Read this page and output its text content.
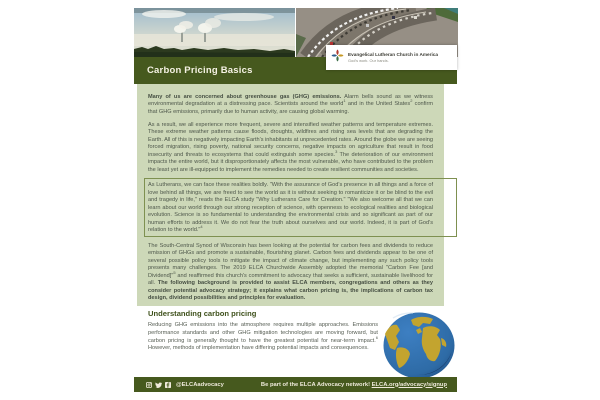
Carbon Pricing Basics
Evangelical Lutheran Church in America
God's work. Our hands.

Many of us are concerned about greenhouse gas (GHG) emissions. Alarm bells sound as we witness environmental degradation at a distressing pace. Scientists around the world$^1$ and in the United States$^2$ confirm that GHG emissions, primarily due to human activity, are causing global warming.

As a result, we all experience more frequent, severe and intensified weather patterns and temperature extremes. These extreme weather patterns cause floods, droughts, wildfires and rising sea levels that are degrading the Earth. All of this is negatively impacting Earth's inhabitants at unprecedented rates. Around the globe we are seeing forced migration, rising poverty, national security concerns, negative impacts on agriculture that result in food insecurity and threats to ecosystems that could extinguish some species.$^3$ The deterioration of our environment impacts the entire world, but it disproportionately affects the most vulnerable, who have contributed to the problem the least yet are ill-equipped to implement the remedies needed to create resilient communities and societies.

As Lutherans, we can face these realities boldly. "With the assurance of God's presence in all things and a force of love behind all things, we are freed to see the world as it is without seeking to romanticize it or be blind to the evil and tragedy in life," reads the ELCA study "Why Lutherans Care for Creation." "We also welcome all that we can learn about our world through our strong reception of science, with openness to ecological realities and biological evolution. Science is so fundamental to understanding the environmental crisis and so significant as part of our human efforts to address it. We do not fear the truth about ourselves and our world. Indeed, it is part of God's relation to the world."$^4$

The South-Central Synod of Wisconsin has been looking at the potential for carbon fees and dividends to reduce emission of GHGs and promote a sustainable, flourishing planet. Carbon fees and dividends appear to be one of several possible policy tools to mitigate the impact of climate change, but implementing any such policy tools presents many challenges. The 2019 ELCA Churchwide Assembly adopted the memorial "Carbon Fee [and Dividend]"$^5$ and reaffirmed this church's commitment to advocacy that seeks a sufficient, sustainable livelihood for all. The following background is provided to assist ELCA members, congregations and others as they consider potential advocacy strategy; it explains what carbon pricing is, the implications of carbon tax design, dividend possibilities and principles for evaluation.

Understanding carbon pricing

Reducing GHG emissions into the atmosphere requires multiple approaches. Emissions performance standards and other GHG mitigation technologies are moving forward, but carbon pricing is generally thought to have the greatest potential for near-term impact.$^6$ However, methods of implementation have differing potential impacts and consequences.

@ELCAadvocacy	Be part of the ELCA Advocacy network! ELCA.org/advocacy/signup
